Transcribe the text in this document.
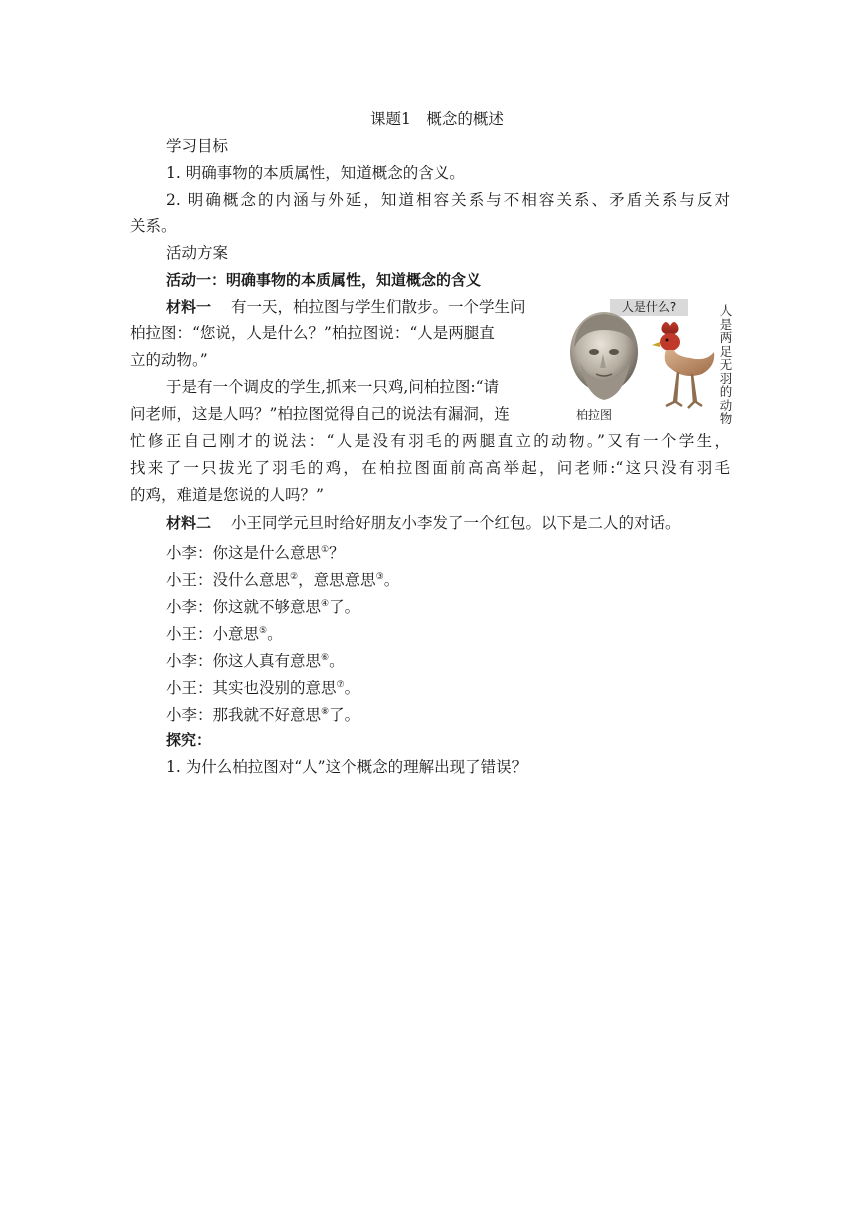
课题1　概念的概述
学习目标
1. 明确事物的本质属性，知道概念的含义。
2. 明确概念的内涵与外延，知道相容关系与不相容关系、矛盾关系与反对
关系。
活动方案
活动一：明确事物的本质属性，知道概念的含义
材料一 有一天，柏拉图与学生们散步。一个学生问
柏拉图：“您说，人是什么？”柏拉图说：“人是两腿直
立的动物。”
于是有一个调皮的学生,抓来一只鸡,问柏拉图:“请
问老师，这是人吗？”柏拉图觉得自己的说法有漏洞，连
忙修正自己刚才的说法：“人是没有羽毛的两腿直立的动物。”又有一个学生，
找来了一只拔光了羽毛的鸡，在柏拉图面前高高举起，问老师:“这只没有羽毛
的鸡，难道是您说的人吗？”
人是什么?	人是两足无羽的动物
柏拉图
材料二 小王同学元旦时给好朋友小李发了一个红包。以下是二人的对话。
小李：你这是什么意思①？
小王：没什么意思②，意思意思③。
小李：你这就不够意思④了。
小王：小意思⑤。
小李：你这人真有意思⑥。
小王：其实也没别的意思⑦。
小李：那我就不好意思⑧了。
探究：
1. 为什么柏拉图对“人”这个概念的理解出现了错误？
